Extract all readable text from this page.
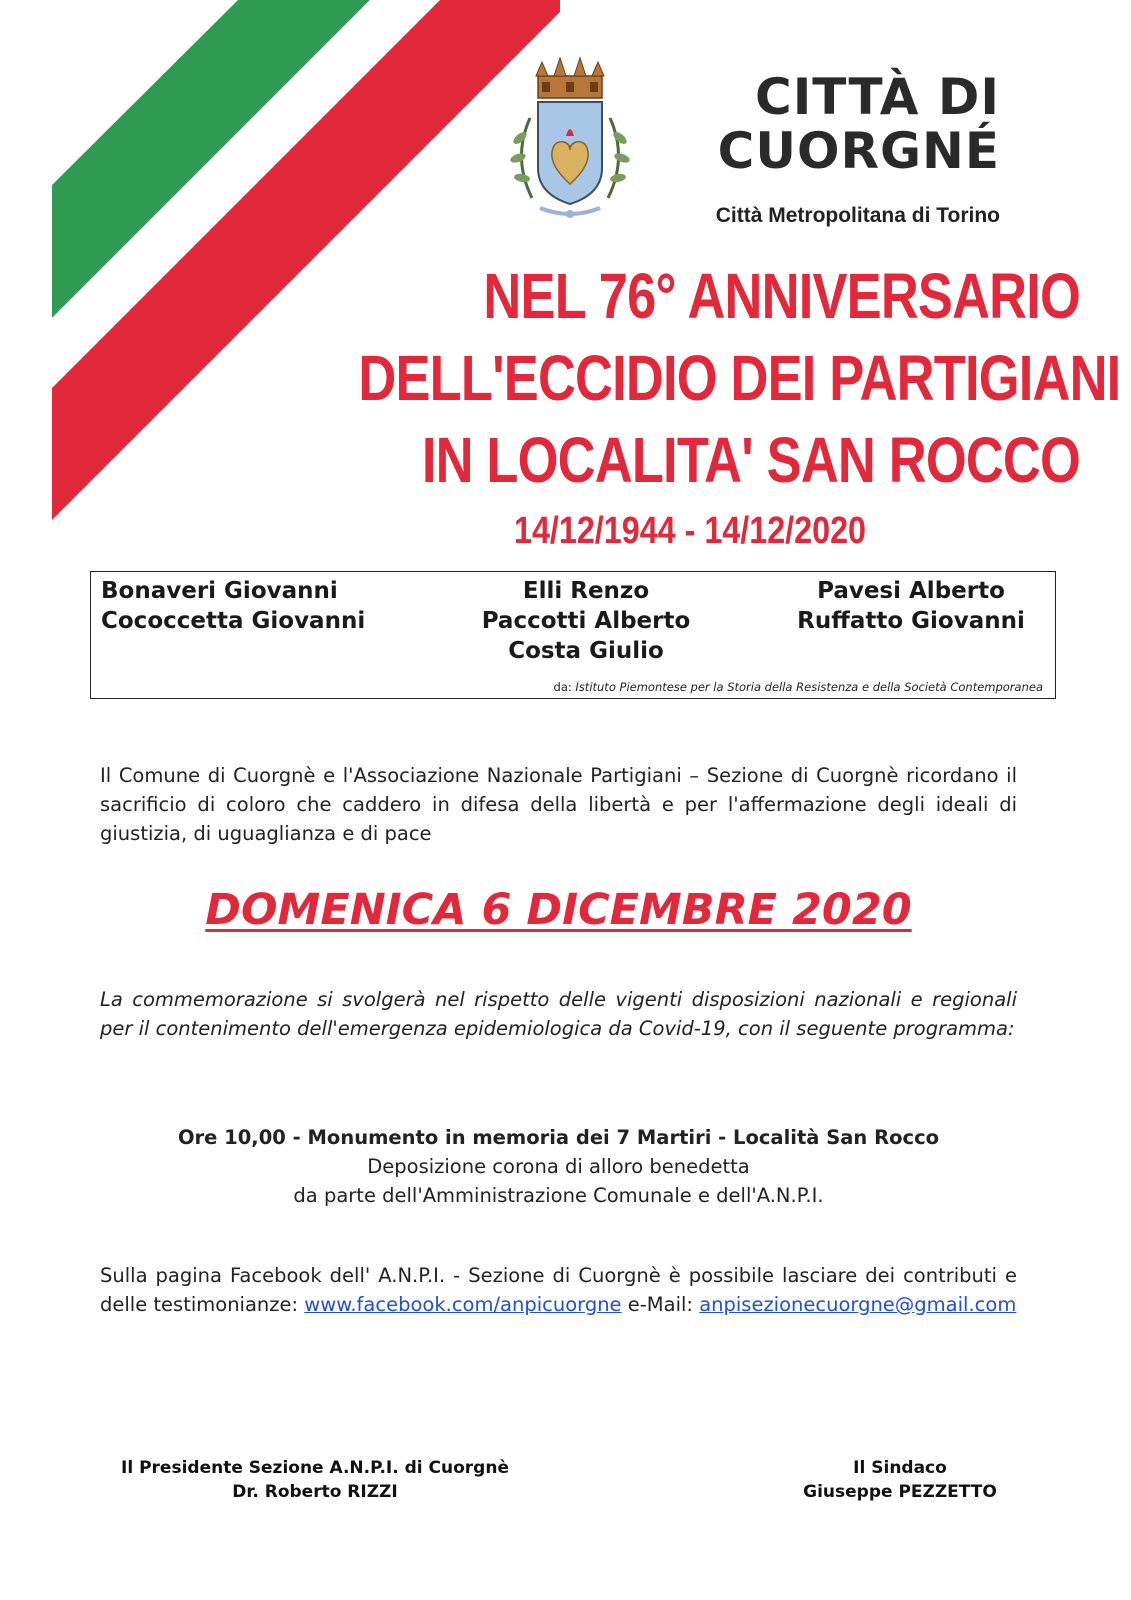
CITTÀ DI
CUORGNÉ
Città Metropolitana di Torino
NEL 76° ANNIVERSARIO
DELL'ECCIDIO DEI PARTIGIANI
IN LOCALITA' SAN ROCCO
14/12/1944 - 14/12/2020
Bonaveri Giovanni
Cococcetta Giovanni
Elli Renzo
Paccotti Alberto
Costa Giulio
Pavesi Alberto
Ruffatto Giovanni
da: Istituto Piemontese per la Storia della Resistenza e della Società Contemporanea
Il Comune di Cuorgnè e l'Associazione Nazionale Partigiani – Sezione di Cuorgnè ricordano il sacrificio di coloro che caddero in difesa della libertà e per l'affermazione degli ideali di giustizia, di uguaglianza e di pace
DOMENICA 6 DICEMBRE 2020
La commemorazione si svolgerà nel rispetto delle vigenti disposizioni nazionali e regionali per il contenimento dell'emergenza epidemiologica da Covid-19, con il seguente programma:
Ore 10,00 - Monumento in memoria dei 7 Martiri - Località San Rocco
Deposizione corona di alloro benedetta
da parte dell'Amministrazione Comunale e dell'A.N.P.I.
Sulla pagina Facebook dell' A.N.P.I. - Sezione di Cuorgnè è possibile lasciare dei contributi e delle testimonianze: www.facebook.com/anpicuorgne e-Mail: anpisezionecuorgne@gmail.com
Il Presidente Sezione A.N.P.I. di Cuorgnè
Dr. Roberto RIZZI
Il Sindaco
Giuseppe PEZZETTO
